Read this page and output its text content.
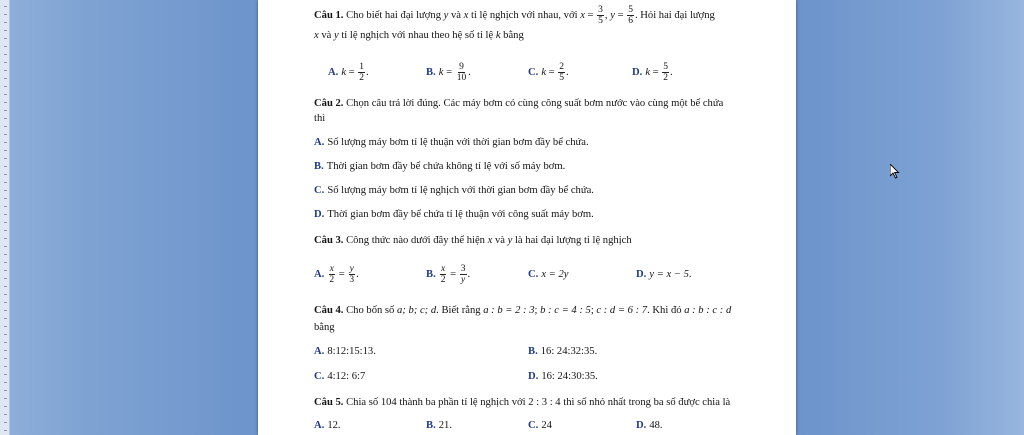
Câu 1. Cho biết hai đại lượng y và x tỉ lệ nghịch với nhau, với $x = \frac{3}{5}$ , $y = \frac{5}{6}$ . Hỏi hai đại lượng
x và y tỉ lệ nghịch với nhau theo hệ số tỉ lệ k bằng
A. $k = \frac{1}{2}$ .	B. $k = \frac{9}{10}$ .	C. $k = \frac{2}{5}$ .	D. $k = \frac{5}{2}$ .
Câu 2. Chọn câu trả lời đúng. Các máy bơm có cùng công suất bơm nước vào cùng một bể chứa
thì
A. Số lượng máy bơm tỉ lệ thuận với thời gian bơm đầy bể chứa.
B. Thời gian bơm đầy bể chứa không tỉ lệ với số máy bơm.
C. Số lượng máy bơm tỉ lệ nghịch với thời gian bơm đầy bể chứa.
D. Thời gian bơm đầy bể chứa tỉ lệ thuận với công suất máy bơm.
Câu 3. Công thức nào dưới đây thể hiện x và y là hai đại lượng tỉ lệ nghịch
A. $\frac{x}{2} = \frac{y}{3}$ .	B. $\frac{x}{2} = \frac{3}{y}$ .	C. x = 2y	D. y = x − 5.
Câu 4. Cho bốn số a; b; c; d. Biết rằng a : b = 2 : 3; b : c = 4 : 5; c : d = 6 : 7. Khi đó a : b : c : d
bằng
A. 8:12:15:13.	B. 16: 24:32:35.
C. 4:12: 6:7	D. 16: 24:30:35.
Câu 5. Chia số 104 thành ba phần tỉ lệ nghịch với 2 : 3 : 4 thì số nhỏ nhất trong ba số được chia là
A. 12.	B. 21.	C. 24	D. 48.
